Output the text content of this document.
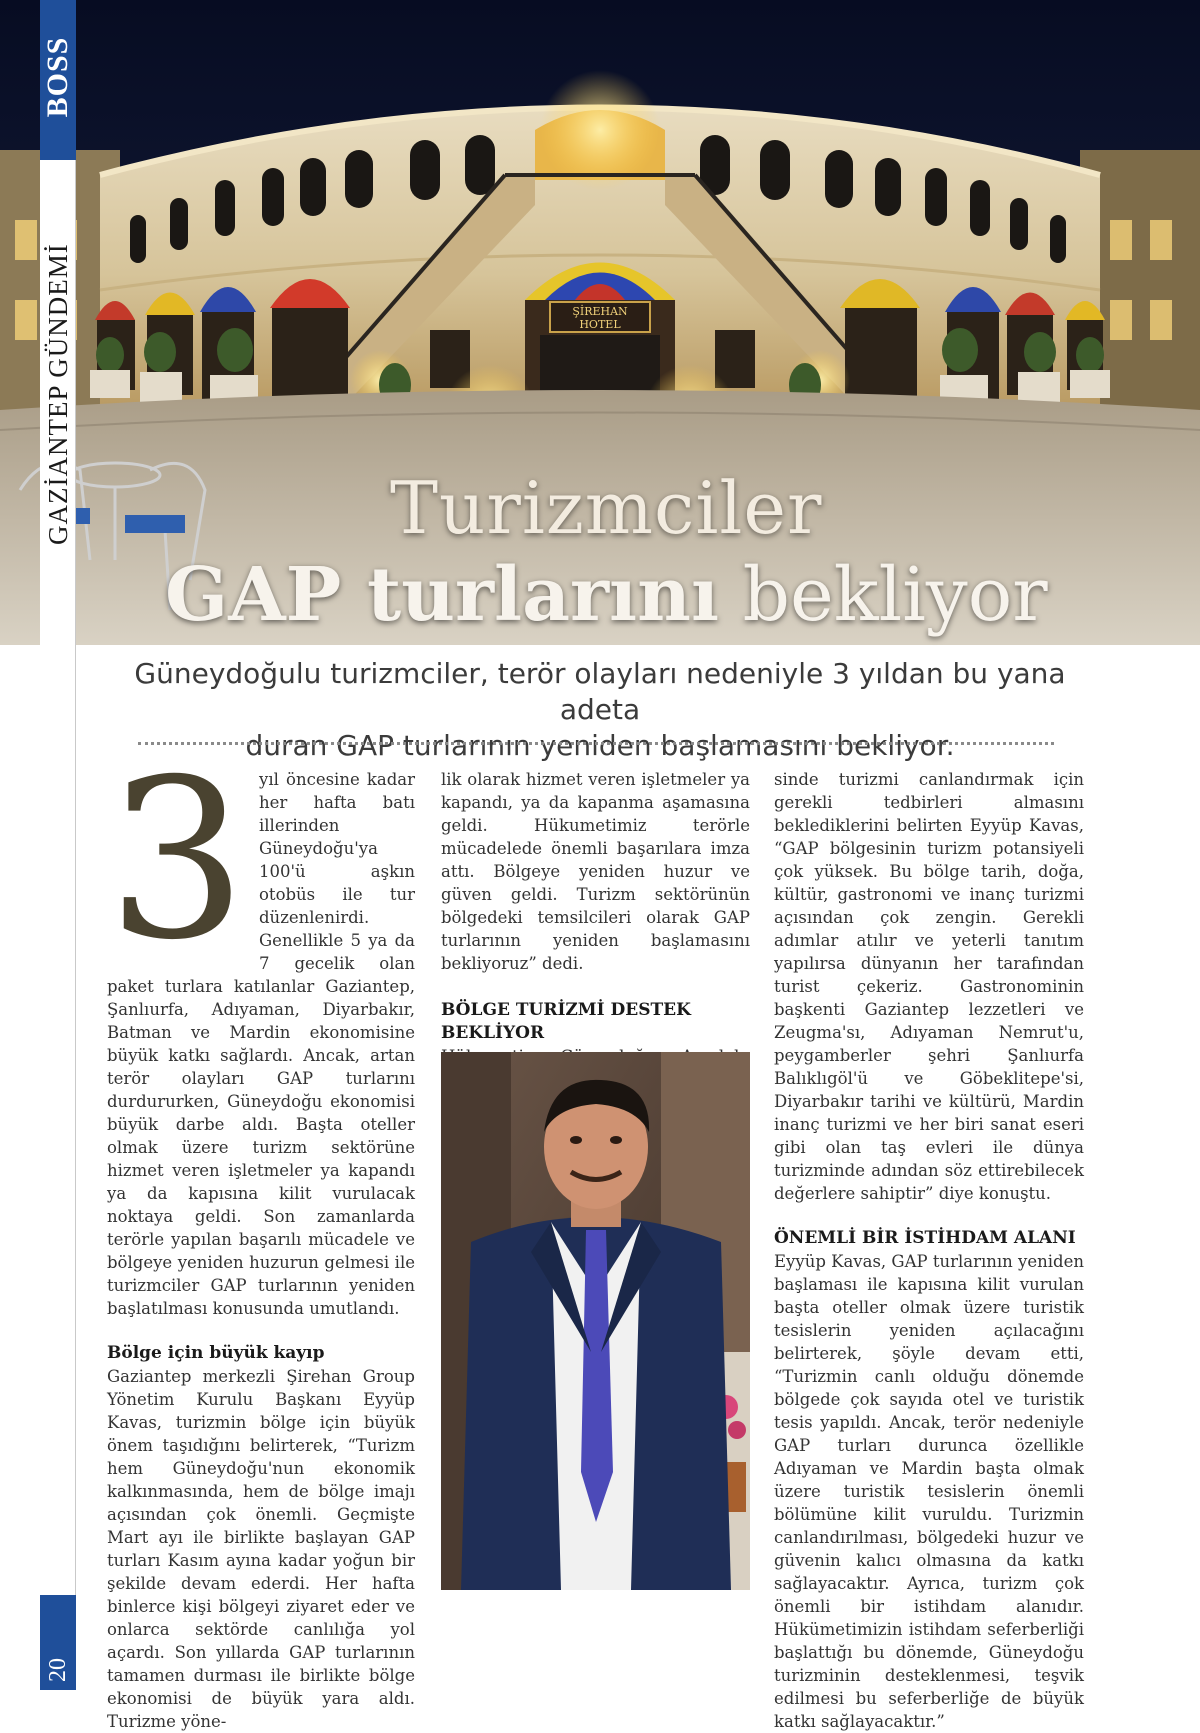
ŞİREHAN
HOTEL
Turizmciler
GAP turlarını bekliyor
BOSS
GAZİANTEP GÜNDEMİ
20
Güneydoğulu turizmciler, terör olayları nedeniyle 3 yıldan bu yana adeta
duran GAP turlarının yeniden başlamasını bekliyor.
3 yıl öncesine kadar her hafta batı illerinden Güneydoğu'ya 100'ü aşkın otobüs ile tur düzenlenirdi. Genellikle 5 ya da 7 gecelik olan paket turlara katılanlar Gaziantep, Şanlıurfa, Adıyaman, Diyarbakır, Batman ve Mardin ekonomisine büyük katkı sağlardı. Ancak, artan terör olayları GAP turlarını durdururken, Güneydoğu ekonomisi büyük darbe aldı. Başta oteller olmak üzere turizm sektörüne hizmet veren işletmeler ya kapandı ya da kapısına kilit vurulacak noktaya geldi. Son zamanlarda terörle yapılan başarılı mücadele ve bölgeye yeniden huzurun gelmesi ile turizmciler GAP turlarının yeniden başlatılması konusunda umutlandı.

Bölge için büyük kayıp

Gaziantep merkezli Şirehan Group Yönetim Kurulu Başkanı Eyyüp Kavas, turizmin bölge için büyük önem taşıdığını belirterek, “Turizm hem Güneydoğu'nun ekonomik kalkınmasında, hem de bölge imajı açısından çok önemli. Geçmişte Mart ayı ile birlikte başlayan GAP turları Kasım ayına kadar yoğun bir şekilde devam ederdi. Her hafta binlerce kişi bölgeyi ziyaret eder ve onlarca sektörde canlılığa yol açardı. Son yıllarda GAP turlarının tamamen durması ile birlikte bölge ekonomisi de büyük yara aldı. Turizme yöne-

lik olarak hizmet veren işletmeler ya kapandı, ya da kapanma aşamasına geldi. Hükumetimiz terörle mücadelede önemli başarılara imza attı. Bölgeye yeniden huzur ve güven geldi. Turizm sektörünün bölgedeki temsilcileri olarak GAP turlarının yeniden başlamasını bekliyoruz” dedi.

BÖLGE TURİZMİ DESTEK BEKLİYOR

sinde turizmi canlandırmak için gerekli tedbirleri almasını beklediklerini belirten Eyyüp Kavas, “GAP bölgesinin turizm potansiyeli çok yüksek. Bu bölge tarih, doğa, kültür, gastronomi ve inanç turizmi açısından çok zengin. Gerekli adımlar atılır ve yeterli tanıtım yapılırsa dünyanın her tarafından turist çekeriz. Gastronominin başkenti Gaziantep lezzetleri ve Zeugma'sı, Adıyaman Nemrut'u, peygamberler şehri Şanlıurfa Balıklıgöl'ü ve Göbeklitepe'si, Diyarbakır tarihi ve kültürü, Mardin inanç turizmi ve her biri sanat eseri gibi olan taş evleri ile dünya turizminde adından söz ettirebilecek değerlere sahiptir” diye konuştu.

ÖNEMLİ BİR İSTİHDAM ALANI

Eyyüp Kavas, GAP turlarının yeniden başlaması ile kapısına kilit vurulan başta oteller olmak üzere turistik tesislerin yeniden açılacağını belirterek, şöyle devam etti, “Turizmin canlı olduğu dönemde bölgede çok sayıda otel ve turistik tesis yapıldı. Ancak, terör nedeniyle GAP turları durunca özellikle Adıyaman ve Mardin başta olmak üzere turistik tesislerin önemli bölümüne kilit vuruldu. Turizmin canlandırılması, bölgedeki huzur ve güvenin kalıcı olmasına da katkı sağlayacaktır. Ayrıca, turizm çok önemli bir istihdam alanıdır. Hükümetimizin istihdam seferberliği başlattığı bu dönemde, Güneydoğu turizminin desteklenmesi, teşvik edilmesi bu seferberliğe de büyük katkı sağlayacaktır.”
